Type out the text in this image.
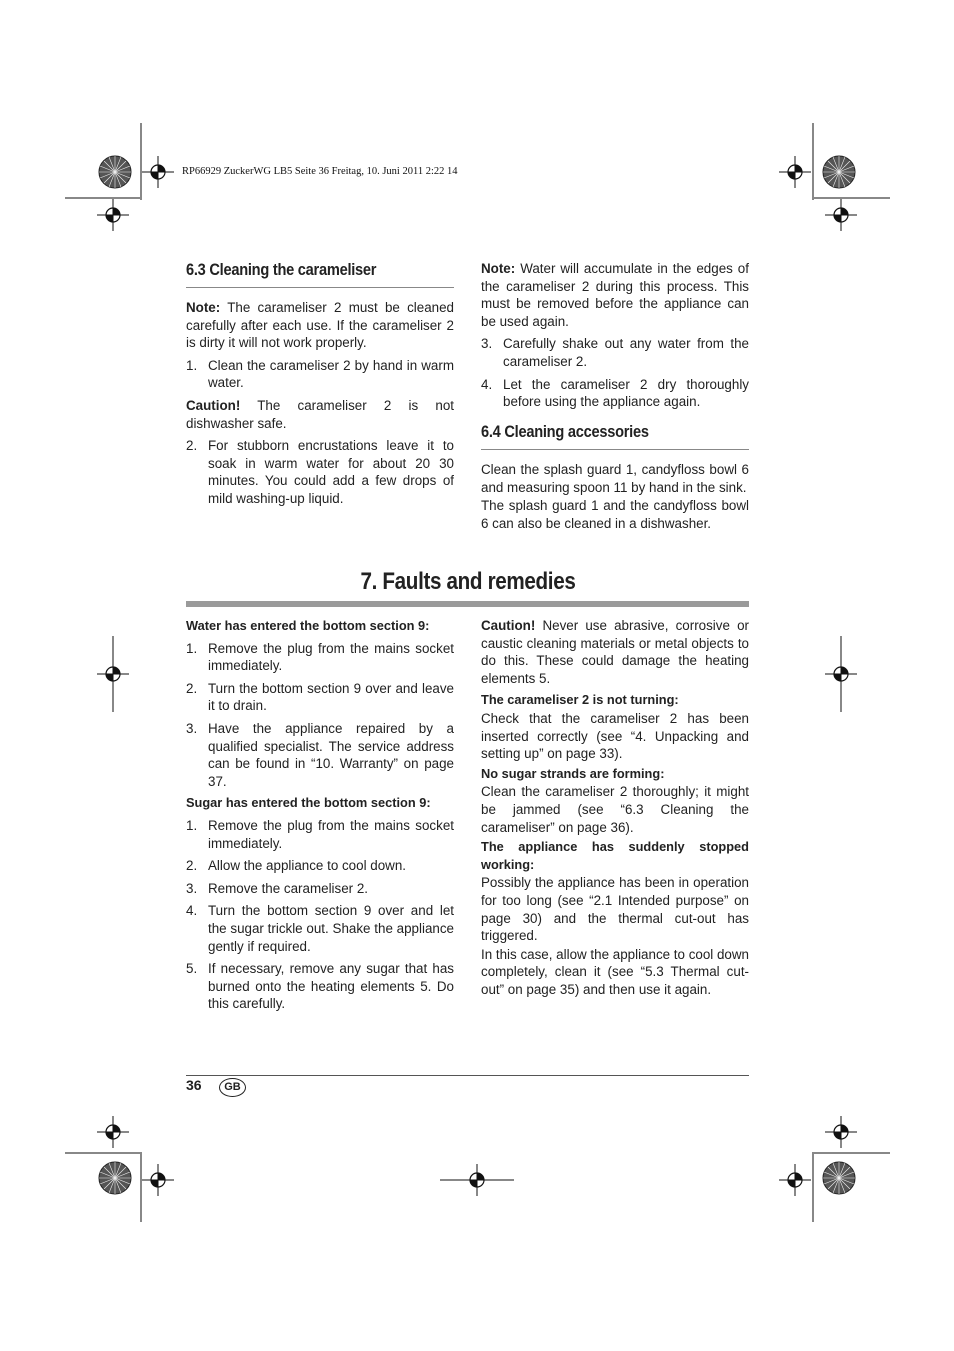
RP66929 ZuckerWG LB5 Seite 36 Freitag, 10. Juni 2011 2:22 14
6.3 Cleaning the carameliser

Note: The carameliser 2 must be cleaned carefully after each use. If the carameliser 2 is dirty it will not work properly.

1. Clean the carameliser 2 by hand in warm water.

Caution! The carameliser 2 is not dishwasher safe.

2. For stubborn encrustations leave it to soak in warm water for about 20 30 minutes. You could add a few drops of mild washing-up liquid.

Note: Water will accumulate in the edges of the carameliser 2 during this process. This must be removed before the appliance can be used again.

3. Carefully shake out any water from the carameliser 2.
4. Let the carameliser 2 dry thoroughly before using the appliance again.
6.4 Cleaning accessories

Clean the splash guard 1, candyfloss bowl 6 and measuring spoon 11 by hand in the sink.

The splash guard 1 and the candyfloss bowl 6 can also be cleaned in a dishwasher.

7. Faults and remedies

Water has entered the bottom section 9:

1. Remove the plug from the mains socket immediately.
2. Turn the bottom section 9 over and leave it to drain.
3. Have the appliance repaired by a qualified specialist. The service address can be found in “10. Warranty” on page 37.

Sugar has entered the bottom section 9:

1. Remove the plug from the mains socket immediately.
2. Allow the appliance to cool down.
3. Remove the carameliser 2.
4. Turn the bottom section 9 over and let the sugar trickle out. Shake the appliance gently if required.
5. If necessary, remove any sugar that has burned onto the heating elements 5. Do this carefully.

Caution! Never use abrasive, corrosive or caustic cleaning materials or metal objects to do this. These could damage the heating elements 5.

The carameliser 2 is not turning:

Check that the carameliser 2 has been inserted correctly (see “4. Unpacking and setting up” on page 33).

No sugar strands are forming:

Clean the carameliser 2 thoroughly; it might be jammed (see “6.3 Cleaning the carameliser” on page 36).

The appliance has suddenly stopped working:

Possibly the appliance has been in operation for too long (see “2.1 Intended purpose” on page 30) and the thermal cut-out has triggered.

In this case, allow the appliance to cool down completely, clean it (see “5.3 Thermal cut-out” on page 35) and then use it again.

36	GB
